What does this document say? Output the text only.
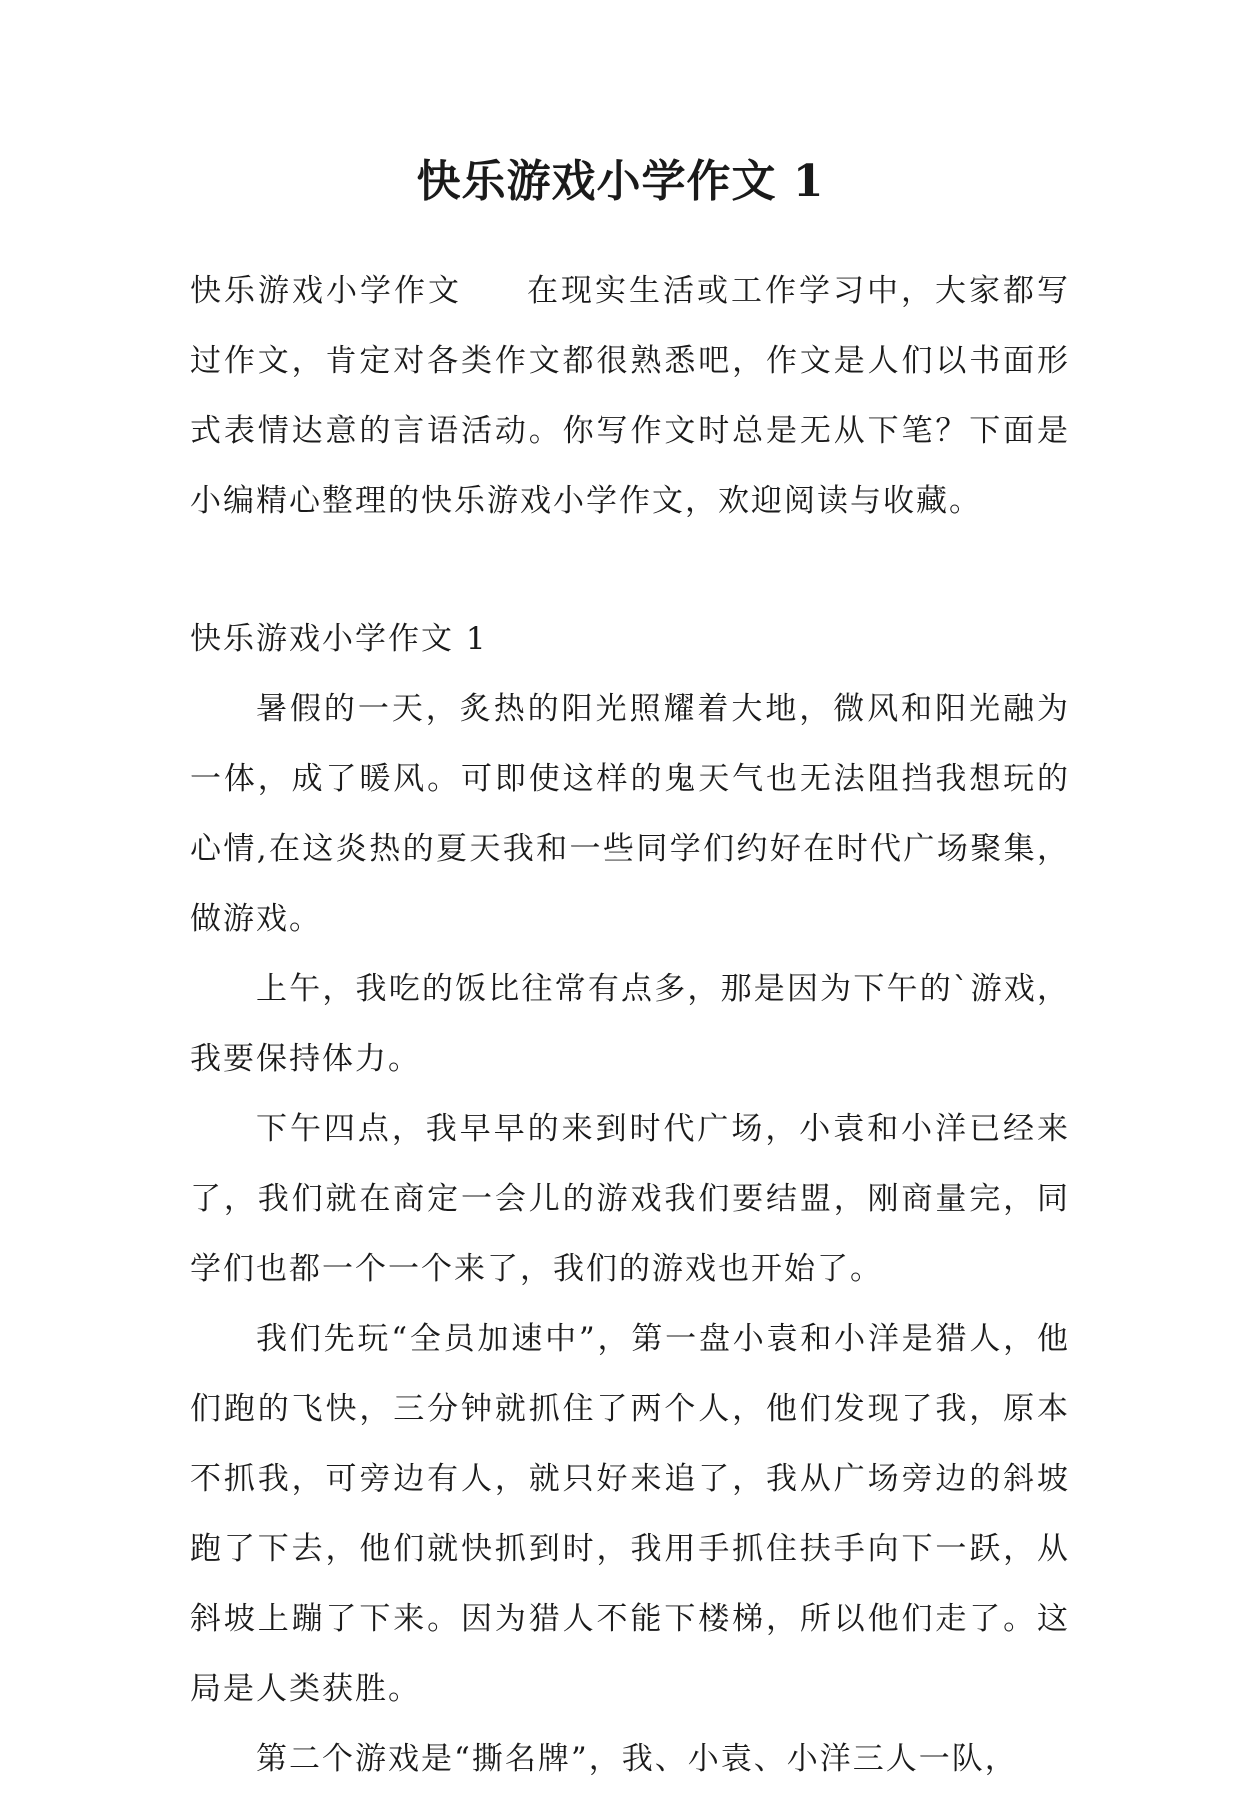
快乐游戏小学作文 1

快乐游戏小学作文 在现实生活或工作学习中，大家都写过作文，肯定对各类作文都很熟悉吧，作文是人们以书面形式表情达意的言语活动。你写作文时总是无从下笔？下面是小编精心整理的快乐游戏小学作文，欢迎阅读与收藏。

快乐游戏小学作文 1

暑假的一天，炙热的阳光照耀着大地，微风和阳光融为一体，成了暖风。可即使这样的鬼天气也无法阻挡我想玩的心情,在这炎热的夏天我和一些同学们约好在时代广场聚集，做游戏。

上午，我吃的饭比往常有点多，那是因为下午的`游戏，我要保持体力。

下午四点，我早早的来到时代广场，小袁和小洋已经来了，我们就在商定一会儿的游戏我们要结盟，刚商量完，同学们也都一个一个来了，我们的游戏也开始了。

我们先玩“全员加速中”，第一盘小袁和小洋是猎人，他们跑的飞快，三分钟就抓住了两个人，他们发现了我，原本不抓我，可旁边有人，就只好来追了，我从广场旁边的斜坡跑了下去，他们就快抓到时，我用手抓住扶手向下一跃，从斜坡上蹦了下来。因为猎人不能下楼梯，所以他们走了。这局是人类获胜。

第二个游戏是“撕名牌”，我、小袁、小洋三人一队，
